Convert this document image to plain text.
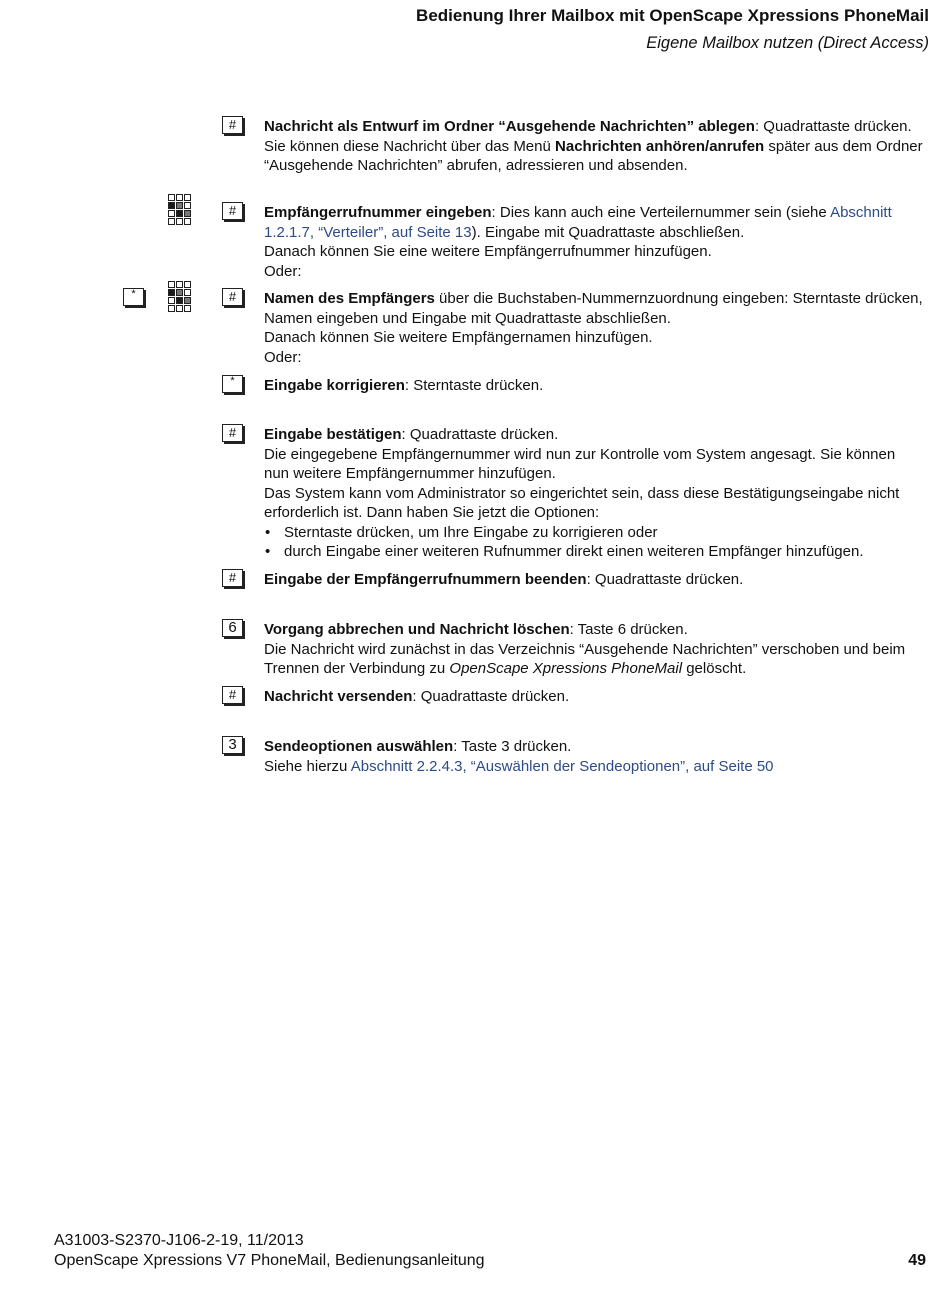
Bedienung Ihrer Mailbox mit OpenScape Xpressions PhoneMail
Eigene Mailbox nutzen (Direct Access)
#	Nachricht als Entwurf im Ordner “Ausgehende Nachrichten” ablegen: Quadrattaste drücken.

Sie können diese Nachricht über das Menü Nachrichten anhören/anrufen später aus dem Ordner “Ausgehende Nachrichten” abrufen, adressieren und absenden.

#	Empfängerrufnummer eingeben: Dies kann auch eine Verteilernummer sein (siehe Abschnitt 1.2.1.7, “Verteiler”, auf Seite 13). Eingabe mit Quadrattaste abschließen.

Danach können Sie eine weitere Empfängerrufnummer hinzufügen.

Oder:

*	#	Namen des Empfängers über die Buchstaben-Nummernzuordnung eingeben: Sterntaste drücken, Namen eingeben und Eingabe mit Quadrattaste abschließen.

Danach können Sie weitere Empfängernamen hinzufügen.

Oder:

*	Eingabe korrigieren: Sterntaste drücken.

#	Eingabe bestätigen: Quadrattaste drücken.

Die eingegebene Empfängernummer wird nun zur Kontrolle vom System angesagt. Sie können nun weitere Empfängernummer hinzufügen.

Das System kann vom Administrator so eingerichtet sein, dass diese Bestätigungseingabe nicht erforderlich ist. Dann haben Sie jetzt die Optionen:

• Sterntaste drücken, um Ihre Eingabe zu korrigieren oder
• durch Eingabe einer weiteren Rufnummer direkt einen weiteren Empfänger hinzufügen.
#	Eingabe der Empfängerrufnummern beenden: Quadrattaste drücken.

6	Vorgang abbrechen und Nachricht löschen: Taste 6 drücken.

Die Nachricht wird zunächst in das Verzeichnis “Ausgehende Nachrichten” verschoben und beim Trennen der Verbindung zu OpenScape Xpressions PhoneMail gelöscht.

#	Nachricht versenden: Quadrattaste drücken.

3	Sendeoptionen auswählen: Taste 3 drücken.

Siehe hierzu Abschnitt 2.2.4.3, “Auswählen der Sendeoptionen”, auf Seite 50

A31003-S2370-J106-2-19, 11/2013
OpenScape Xpressions V7 PhoneMail, Bedienungsanleitung	49
